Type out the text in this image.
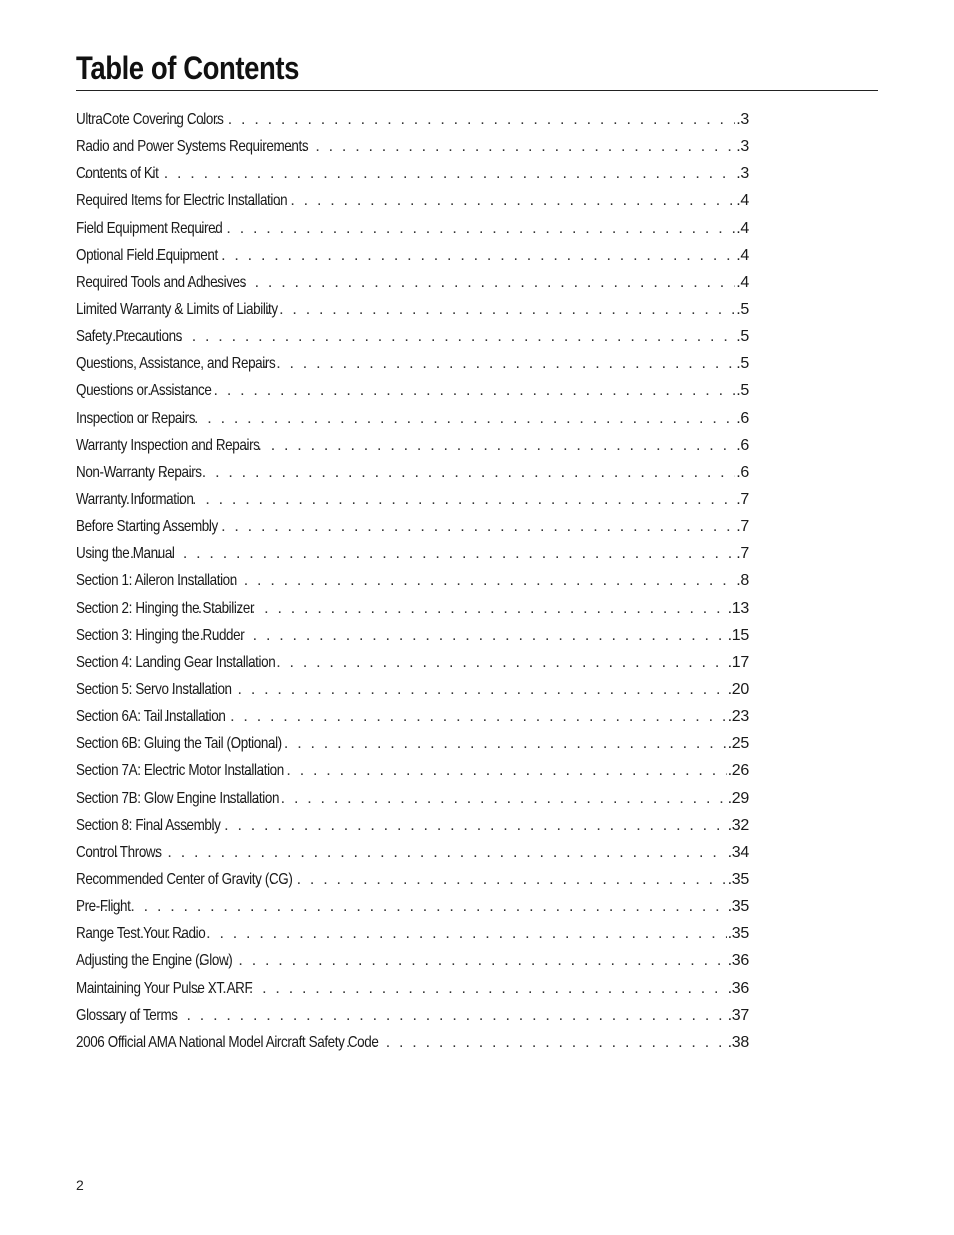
Table of Contents
UltraCote Covering Colors . . .	.3
Radio and Power Systems Requirements . . .	.3
Contents of Kit . . .	.3
Required Items for Electric Installation . . .	.4
Field Equipment Required . . .	.4
Optional Field Equipment . . .	.4
Required Tools and Adhesives . . .	.4
Limited Warranty & Limits of Liability . . .	.5
Safety Precautions . . .	.5
Questions, Assistance, and Repairs . . .	.5
Questions or Assistance . . .	.5
Inspection or Repairs . . .	.6
Warranty Inspection and Repairs . . .	.6
Non-Warranty Repairs . . .	.6
Warranty Information . . .	.7
Before Starting Assembly . . .	.7
Using the Manual . . .	.7
Section 1: Aileron Installation . . .	.8
Section 2: Hinging the Stabilizer . . .	.13
Section 3: Hinging the Rudder . . .	.15
Section 4: Landing Gear Installation . . .	.17
Section 5: Servo Installation . . .	.20
Section 6A: Tail Installation . . .	.23
Section 6B: Gluing the Tail (Optional) . . .	.25
Section 7A: Electric Motor Installation . . .	.26
Section 7B: Glow Engine Installation . . .	.29
Section 8: Final Assembly . . .	.32
Control Throws . . .	.34
Recommended Center of Gravity (CG) . . .	.35
Pre-Flight . . .	.35
Range Test Your Radio . . .	.35
Adjusting the Engine (Glow) . . .	.36
Maintaining Your Pulse XT ARF . . .	.36
Glossary of Terms . . .	.37
2006 Official AMA National Model Aircraft Safety Code . . .	.38
2
